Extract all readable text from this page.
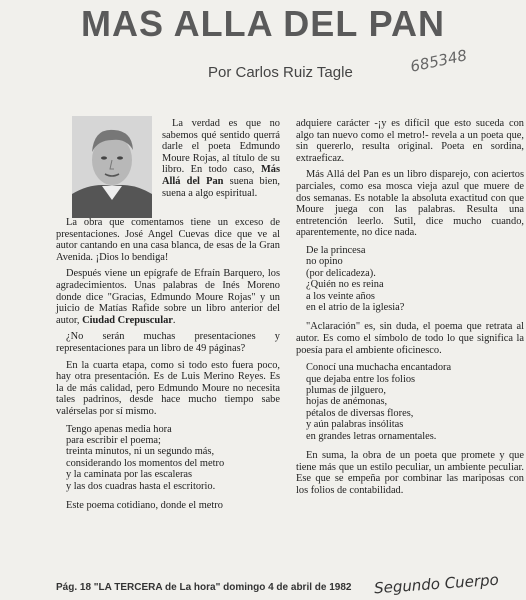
MAS ALLA DEL PAN
Por Carlos Ruiz Tagle	685348

La verdad es que no sabemos qué sentido querrá darle el poeta Edmundo Moure Rojas, al título de su libro. En todo caso, Más Allá del Pan suena bien, suena a algo espiritual.

La obra que comentamos tiene un exceso de presentaciones. José Angel Cuevas dice que ve al autor cantando en una casa blanca, de esas de la Gran Avenida. ¡Dios lo bendiga!

Después viene un epígrafe de Efraín Barquero, los agradecimientos. Unas palabras de Inés Moreno donde dice "Gracias, Edmundo Moure Rojas" y un juicio de Matías Rafide sobre un libro anterior del autor, Ciudad Crepuscular.

¿No serán muchas presentaciones y representaciones para un libro de 49 páginas?

En la cuarta etapa, como si todo esto fuera poco, hay otra presentación. Es de Luis Merino Reyes. Es la de más calidad, pero Edmundo Moure no necesita tales padrinos, desde hace mucho tiempo sabe valérselas por sí mismo.

Tengo apenas media hora
para escribir el poema;
treinta minutos, ni un segundo más,
considerando los momentos del metro
y la caminata por las escaleras
y las dos cuadras hasta el escritorio.

Este poema cotidiano, donde el metro

adquiere carácter -¡y es difícil que esto suceda con algo tan nuevo como el metro!- revela a un poeta que, sin quererlo, resulta original. Poeta en sordina, extraeficaz.

Más Allá del Pan es un libro disparejo, con aciertos parciales, como esa mosca vieja azul que muere de dos semanas. Es notable la absoluta exactitud con que Moure juega con las palabras. Resulta una entretención leerlo. Sutil, dice mucho cuando, aparentemente, no dice nada.

De la princesa
no opino
(por delicadeza).
¿Quién no es reina
a los veinte años
en el atrio de la iglesia?

"Aclaración" es, sin duda, el poema que retrata al autor. Es como el símbolo de todo lo que significa la poesía para el ambiente oficinesco.

Conocí una muchacha encantadora
que dejaba entre los folios
plumas de jilguero,
hojas de anémonas,
pétalos de diversas flores,
y aún palabras insólitas
en grandes letras ornamentales.

En suma, la obra de un poeta que promete y que tiene más que un estilo peculiar, un ambiente peculiar. Ese que se empeña por combinar las mariposas con los folios de contabilidad.

Pág. 18 "LA TERCERA de La hora" domingo 4 de abril de 1982 Segundo Cuerpo
